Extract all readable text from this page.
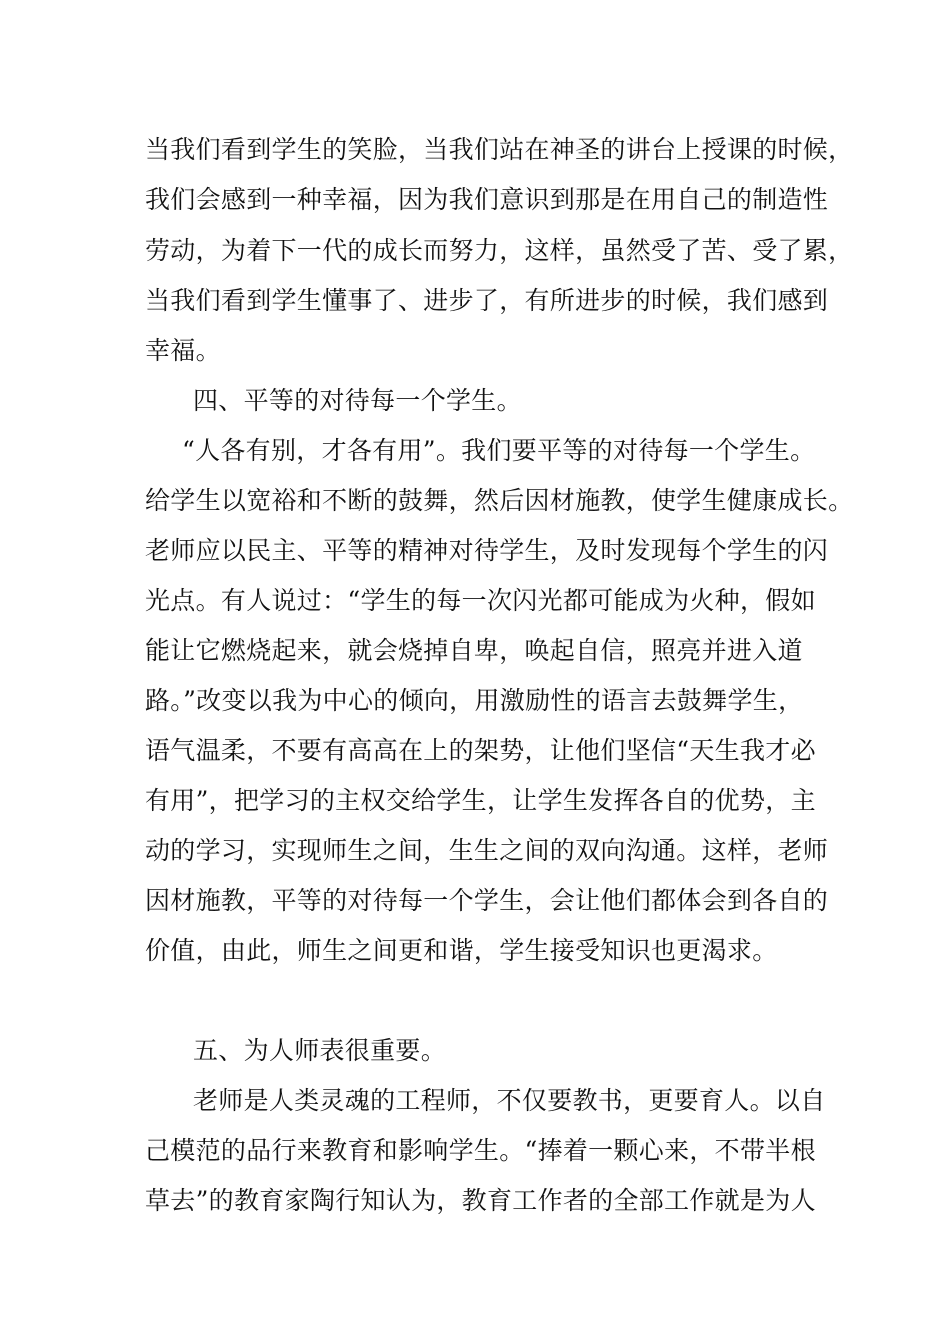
当我们看到学生的笑脸，当我们站在神圣的讲台上授课的时候，
我们会感到一种幸福，因为我们意识到那是在用自己的制造性
劳动，为着下一代的成长而努力，这样，虽然受了苦、受了累，
当我们看到学生懂事了、进步了，有所进步的时候，我们感到
幸福。
四、平等的对待每一个学生。
“人各有别，才各有用”。我们要平等的对待每一个学生。
给学生以宽裕和不断的鼓舞，然后因材施教，使学生健康成长。
老师应以民主、平等的精神对待学生，及时发现每个学生的闪
光点。有人说过：“学生的每一次闪光都可能成为火种，假如
能让它燃烧起来，就会烧掉自卑，唤起自信，照亮并进入道
路。”改变以我为中心的倾向，用激励性的语言去鼓舞学生，
语气温柔，不要有高高在上的架势，让他们坚信“天生我才必
有用”，把学习的主权交给学生，让学生发挥各自的优势，主
动的学习，实现师生之间，生生之间的双向沟通。这样，老师
因材施教，平等的对待每一个学生，会让他们都体会到各自的
价值，由此，师生之间更和谐，学生接受知识也更渴求。
五、为人师表很重要。
老师是人类灵魂的工程师，不仅要教书，更要育人。以自
己模范的品行来教育和影响学生。“捧着一颗心来，不带半根
草去”的教育家陶行知认为，教育工作者的全部工作就是为人
